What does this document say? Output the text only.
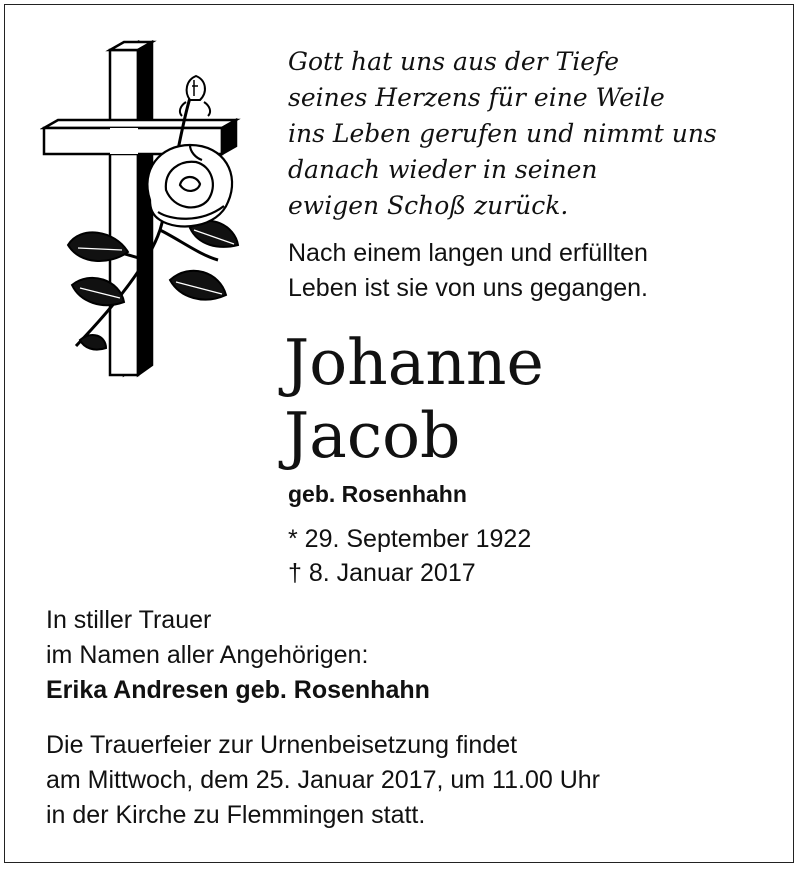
Gott hat uns aus der Tiefe
seines Herzens für eine Weile
ins Leben gerufen und nimmt uns
danach wieder in seinen
ewigen Schoß zurück.

Nach einem langen und erfüllten
Leben ist sie von uns gegangen.

Johanne
Jacob
geb. Rosenhahn
* 29. September 1922
† 8. Januar 2017
In stiller Trauer
im Namen aller Angehörigen:
Erika Andresen geb. Rosenhahn
Die Trauerfeier zur Urnenbeisetzung findet
am Mittwoch, dem 25. Januar 2017, um 11.00 Uhr
in der Kirche zu Flemmingen statt.
